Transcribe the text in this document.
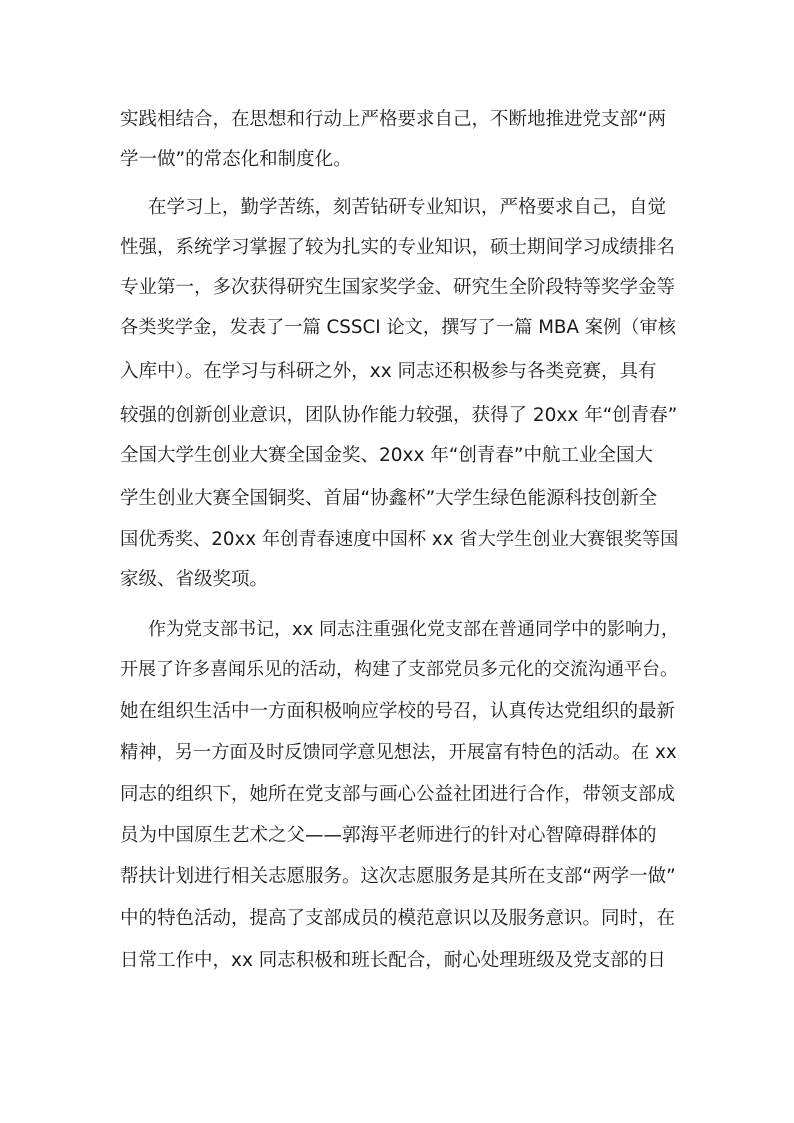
实践相结合，在思想和行动上严格要求自己，不断地推进党支部“两
学一做”的常态化和制度化。
在学习上，勤学苦练，刻苦钻研专业知识，严格要求自己，自觉
性强，系统学习掌握了较为扎实的专业知识，硕士期间学习成绩排名
专业第一，多次获得研究生国家奖学金、研究生全阶段特等奖学金等
各类奖学金，发表了一篇 CSSCI 论文，撰写了一篇 MBA 案例（审核
入库中）。在学习与科研之外，xx 同志还积极参与各类竞赛，具有
较强的创新创业意识，团队协作能力较强，获得了 20xx 年“创青春”
全国大学生创业大赛全国金奖、20xx 年“创青春”中航工业全国大
学生创业大赛全国铜奖、首届“协鑫杯”大学生绿色能源科技创新全
国优秀奖、20xx 年创青春速度中国杯 xx 省大学生创业大赛银奖等国
家级、省级奖项。
作为党支部书记，xx 同志注重强化党支部在普通同学中的影响力，
开展了许多喜闻乐见的活动，构建了支部党员多元化的交流沟通平台。
她在组织生活中一方面积极响应学校的号召，认真传达党组织的最新
精神，另一方面及时反馈同学意见想法，开展富有特色的活动。在 xx
同志的组织下，她所在党支部与画心公益社团进行合作，带领支部成
员为中国原生艺术之父——郭海平老师进行的针对心智障碍群体的
帮扶计划进行相关志愿服务。这次志愿服务是其所在支部“两学一做”
中的特色活动，提高了支部成员的模范意识以及服务意识。同时，在
日常工作中，xx 同志积极和班长配合，耐心处理班级及党支部的日
